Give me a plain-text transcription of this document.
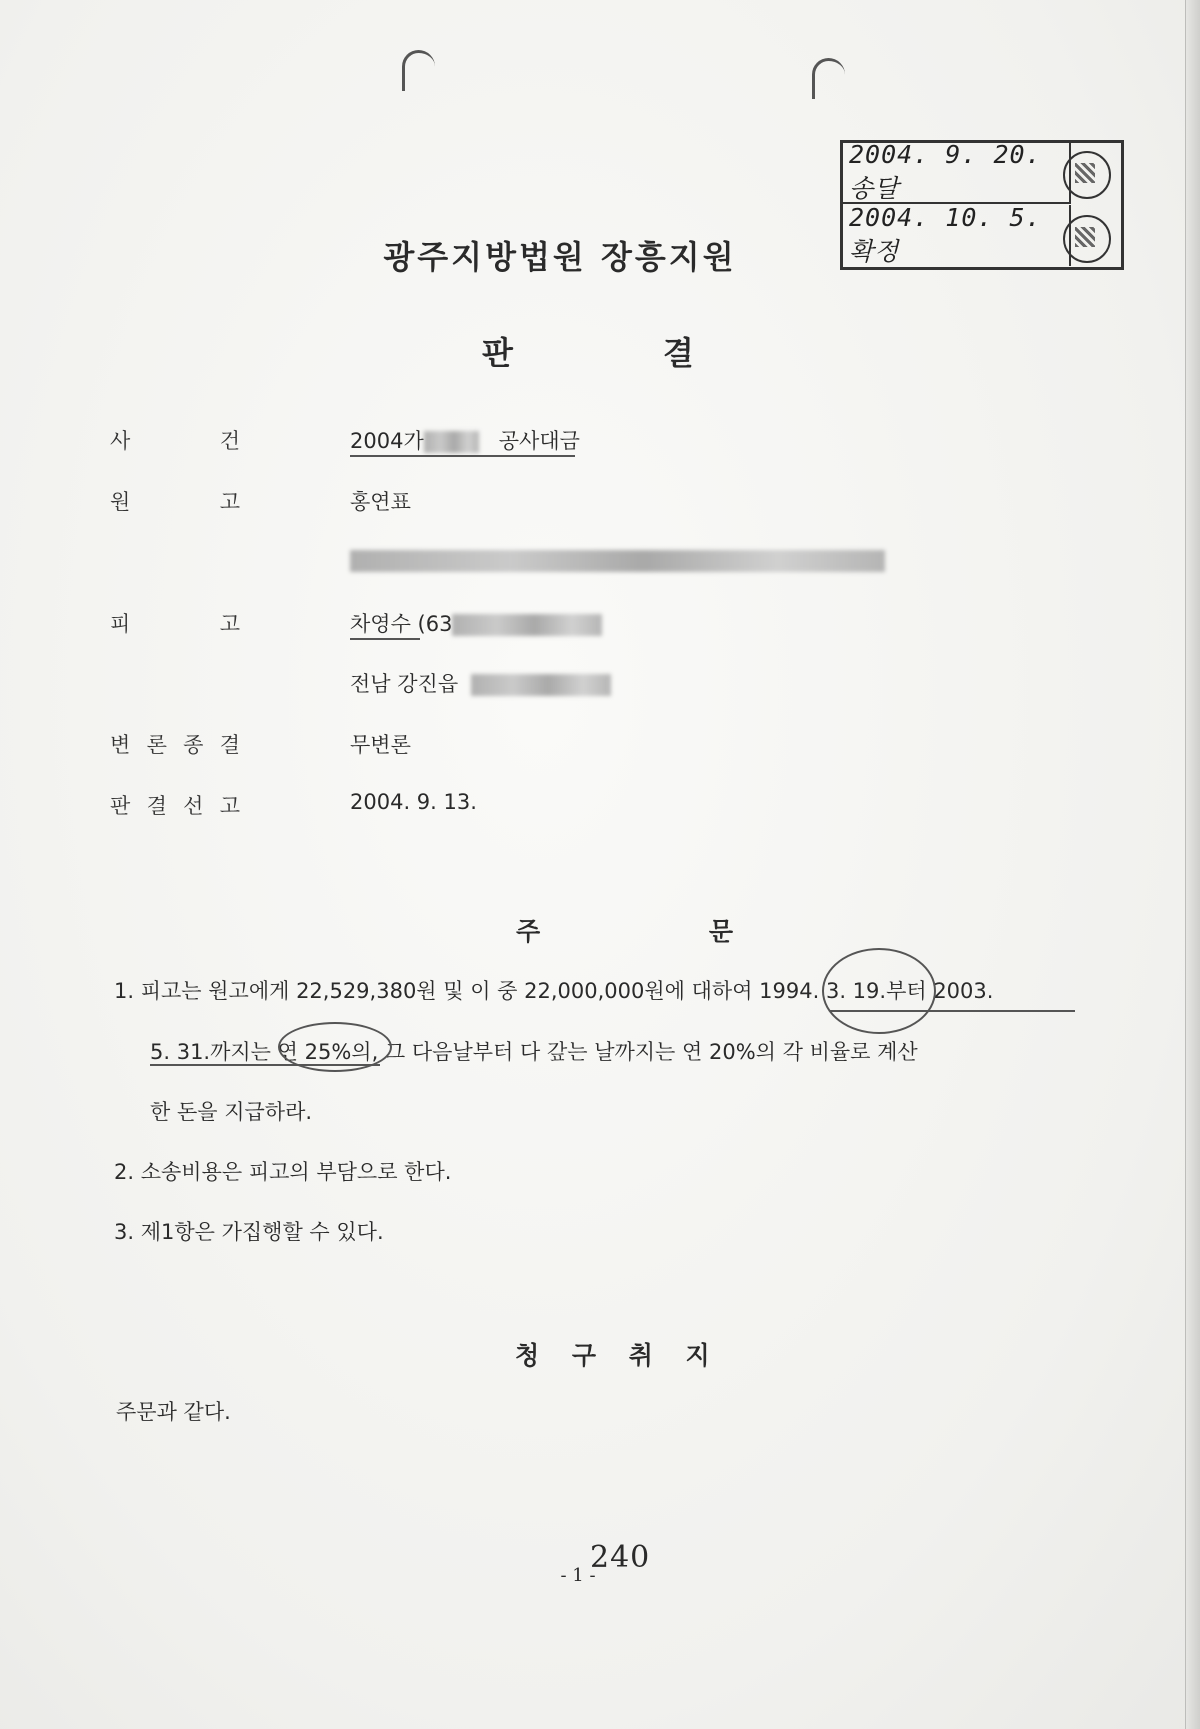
2004. 9. 20. 송달
2004. 10. 5. 확정
광주지방법원 장흥지원
판결
사	건	2004가	공사대금
원	고	홍연표
피	고	차영수 (63
전남 강진읍
변 론 종 결	무변론
판 결 선 고	2004. 9. 13.
주 문
1. 피고는 원고에게 22,529,380원 및 이 중 22,000,000원에 대하여 1994. 3. 19.부터 2003.
5. 31.까지는 연 25%의, 그 다음날부터 다 갚는 날까지는 연 20%의 각 비율로 계산
한 돈을 지급하라.
2. 소송비용은 피고의 부담으로 한다.
3. 제1항은 가집행할 수 있다.
청 구 취 지
주문과 같다.
240
- 1 -
